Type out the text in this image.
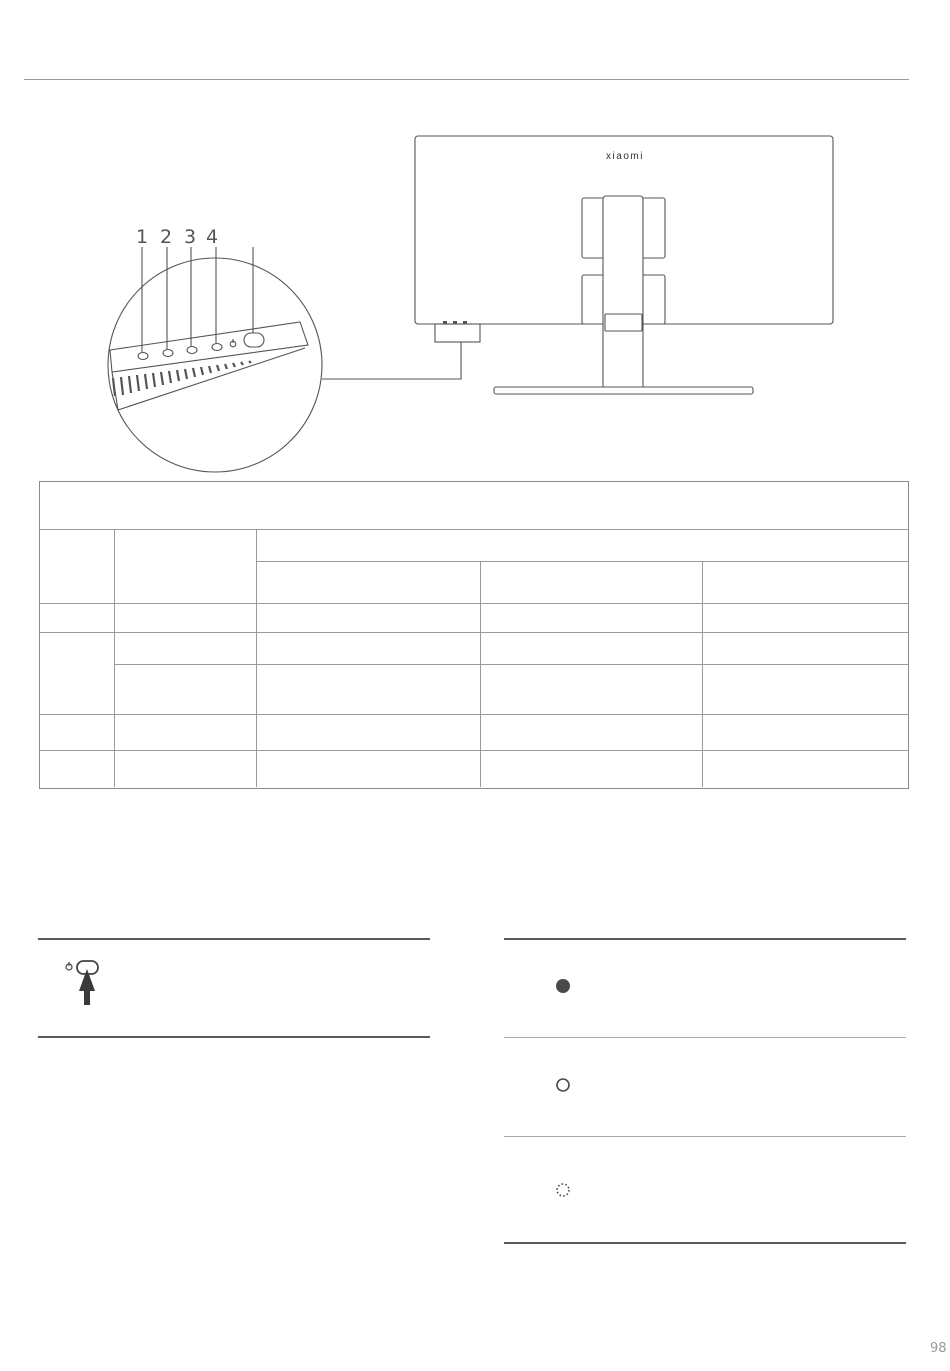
1 2 3 4
xiaomi
98
